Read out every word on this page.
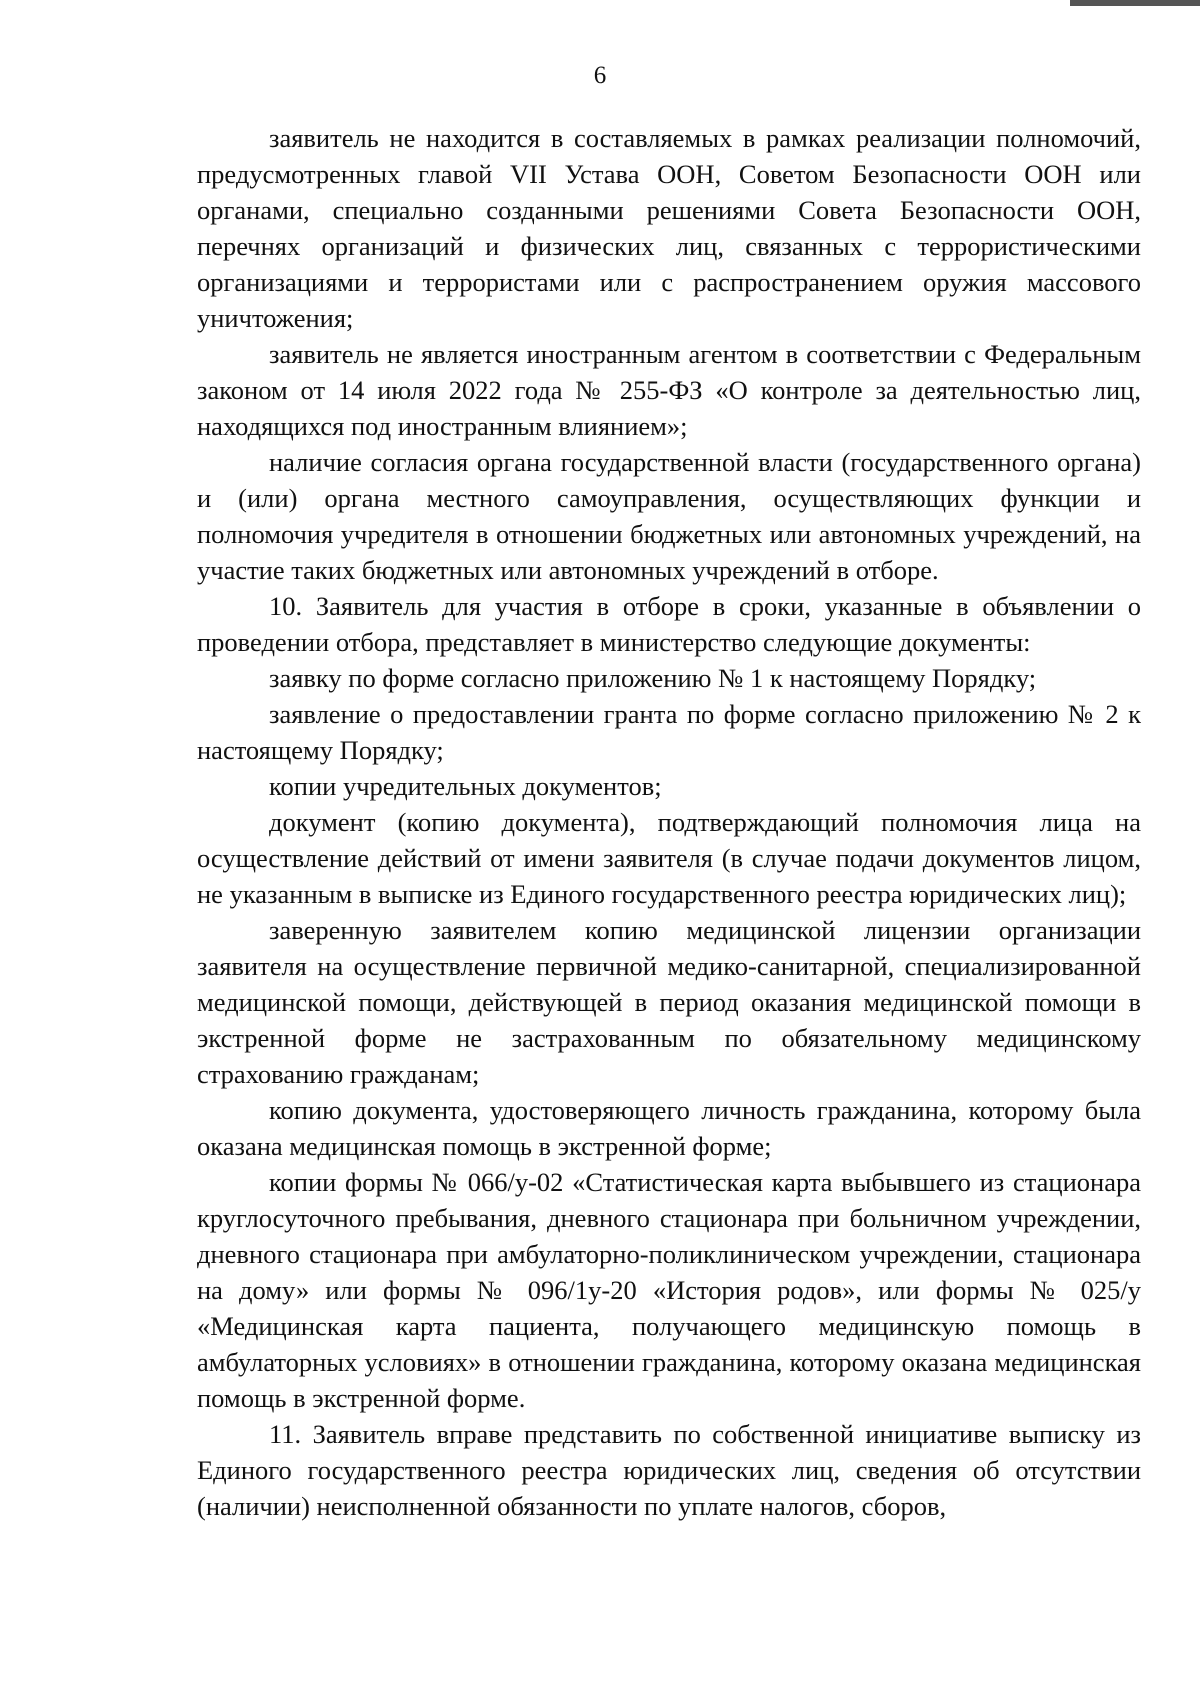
6

заявитель не находится в составляемых в рамках реализации полномочий, предусмотренных главой VII Устава ООН, Советом Безопасности ООН или органами, специально созданными решениями Совета Безопасности ООН, перечнях организаций и физических лиц, связанных с террористическими организациями и террористами или с распространением оружия массового уничтожения;

заявитель не является иностранным агентом в соответствии с Федеральным законом от 14 июля 2022 года № 255-ФЗ «О контроле за деятельностью лиц, находящихся под иностранным влиянием»;

наличие согласия органа государственной власти (государственного органа) и (или) органа местного самоуправления, осуществляющих функции и полномочия учредителя в отношении бюджетных или автономных учреждений, на участие таких бюджетных или автономных учреждений в отборе.

10. Заявитель для участия в отборе в сроки, указанные в объявлении о проведении отбора, представляет в министерство следующие документы:

заявку по форме согласно приложению № 1 к настоящему Порядку;

заявление о предоставлении гранта по форме согласно приложению № 2 к настоящему Порядку;

копии учредительных документов;

документ (копию документа), подтверждающий полномочия лица на осуществление действий от имени заявителя (в случае подачи документов лицом, не указанным в выписке из Единого государственного реестра юридических лиц);

заверенную заявителем копию медицинской лицензии организации заявителя на осуществление первичной медико-санитарной, специализированной медицинской помощи, действующей в период оказания медицинской помощи в экстренной форме не застрахованным по обязательному медицинскому страхованию гражданам;

копию документа, удостоверяющего личность гражданина, которому была оказана медицинская помощь в экстренной форме;

копии формы № 066/у-02 «Статистическая карта выбывшего из стационара круглосуточного пребывания, дневного стационара при больничном учреждении, дневного стационара при амбулаторно-поликлиническом учреждении, стационара на дому» или формы № 096/1у-20 «История родов», или формы № 025/у «Медицинская карта пациента, получающего медицинскую помощь в амбулаторных условиях» в отношении гражданина, которому оказана медицинская помощь в экстренной форме.

11. Заявитель вправе представить по собственной инициативе выписку из Единого государственного реестра юридических лиц, сведения об отсутствии (наличии) неисполненной обязанности по уплате налогов, сборов,
